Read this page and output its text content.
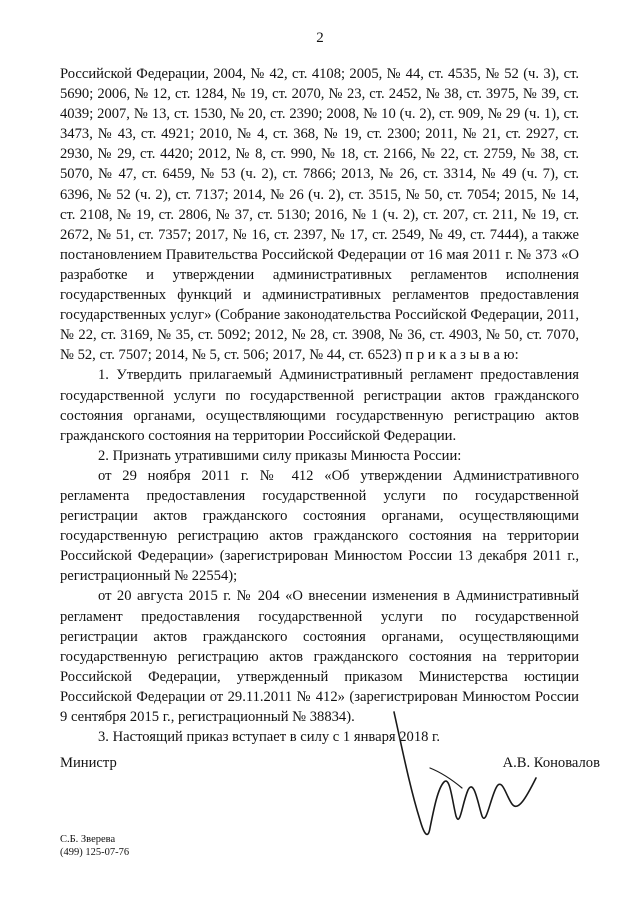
2

Российской Федерации, 2004, № 42, ст. 4108; 2005, № 44, ст. 4535, № 52 (ч. 3), ст. 5690; 2006, № 12, ст. 1284, № 19, ст. 2070, № 23, ст. 2452, № 38, ст. 3975, № 39, ст. 4039; 2007, № 13, ст. 1530, № 20, ст. 2390; 2008, № 10 (ч. 2), ст. 909, № 29 (ч. 1), ст. 3473, № 43, ст. 4921; 2010, № 4, ст. 368, № 19, ст. 2300; 2011, № 21, ст. 2927, ст. 2930, № 29, ст. 4420; 2012, № 8, ст. 990, № 18, ст. 2166, № 22, ст. 2759, № 38, ст. 5070, № 47, ст. 6459, № 53 (ч. 2), ст. 7866; 2013, № 26, ст. 3314, № 49 (ч. 7), ст. 6396, № 52 (ч. 2), ст. 7137; 2014, № 26 (ч. 2), ст. 3515, № 50, ст. 7054; 2015, № 14, ст. 2108, № 19, ст. 2806, № 37, ст. 5130; 2016, № 1 (ч. 2), ст. 207, ст. 211, № 19, ст. 2672, № 51, ст. 7357; 2017, № 16, ст. 2397, № 17, ст. 2549, № 49, ст. 7444), а также постановлением Правительства Российской Федерации от 16 мая 2011 г. № 373 «О разработке и утверждении административных регламентов исполнения государственных функций и административных регламентов предоставления государственных услуг» (Собрание законодательства Российской Федерации, 2011, № 22, ст. 3169, № 35, ст. 5092; 2012, № 28, ст. 3908, № 36, ст. 4903, № 50, ст. 7070, № 52, ст. 7507; 2014, № 5, ст. 506; 2017, № 44, ст. 6523) п р и к а з ы в а ю:

1. Утвердить прилагаемый Административный регламент предоставления государственной услуги по государственной регистрации актов гражданского состояния органами, осуществляющими государственную регистрацию актов гражданского состояния на территории Российской Федерации.

2. Признать утратившими силу приказы Минюста России:

от 29 ноября 2011 г. № 412 «Об утверждении Административного регламента предоставления государственной услуги по государственной регистрации актов гражданского состояния органами, осуществляющими государственную регистрацию актов гражданского состояния на территории Российской Федерации» (зарегистрирован Минюстом России 13 декабря 2011 г., регистрационный № 22554);

от 20 августа 2015 г. № 204 «О внесении изменения в Административный регламент предоставления государственной услуги по государственной регистрации актов гражданского состояния органами, осуществляющими государственную регистрацию актов гражданского состояния на территории Российской Федерации, утвержденный приказом Министерства юстиции Российской Федерации от 29.11.2011 № 412» (зарегистрирован Минюстом России 9 сентября 2015 г., регистрационный № 38834).

3. Настоящий приказ вступает в силу с 1 января 2018 г.

Министр	А.В. Коновалов
С.Б. Зверева
(499) 125-07-76
